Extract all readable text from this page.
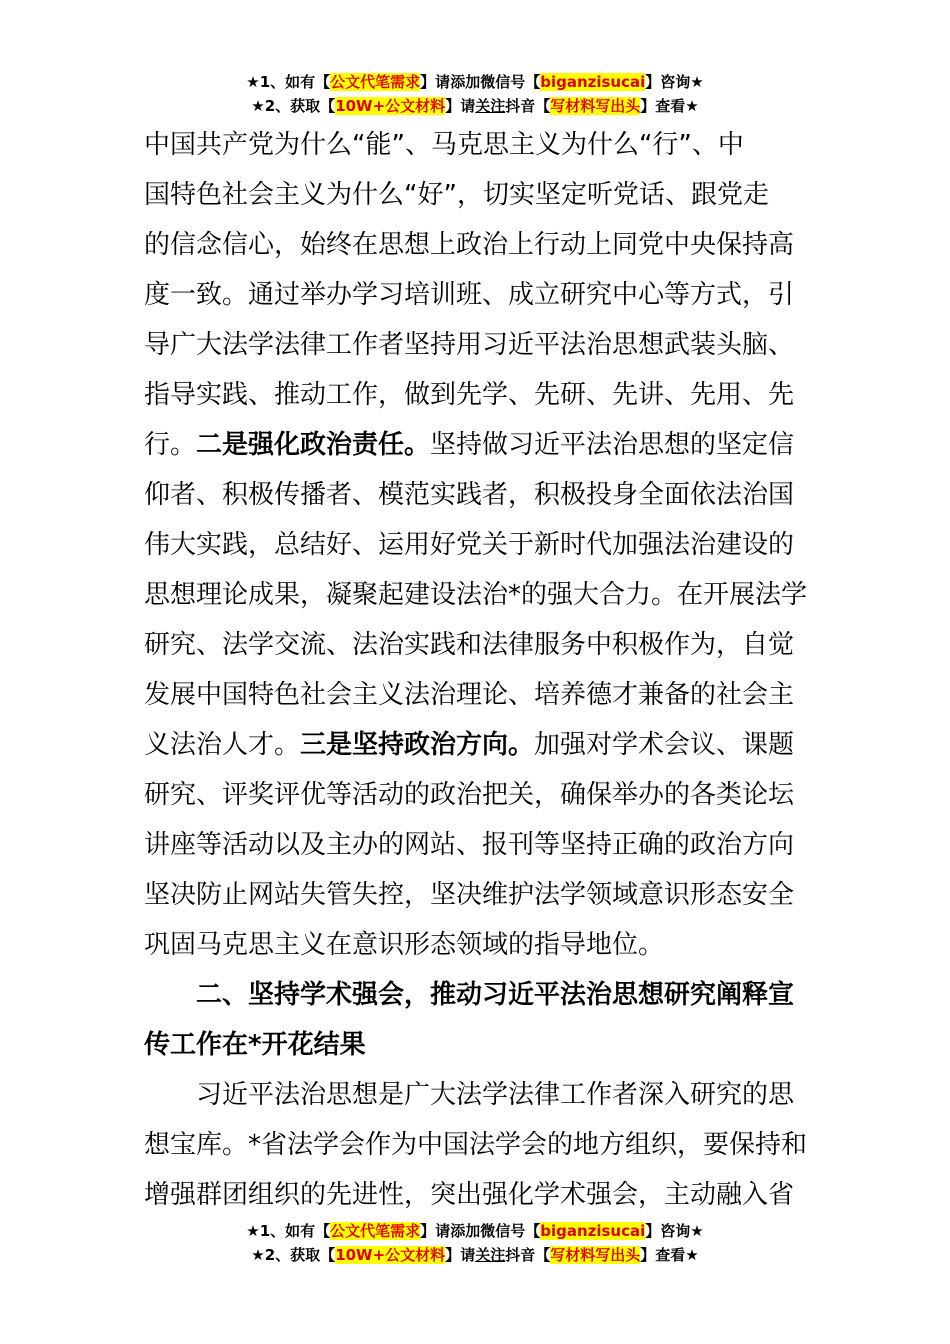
★1、如有【公文代笔需求】请添加微信号【biganzisucai】咨询★
★2、获取【10W+公文材料】请关注抖音【写材料写出头】查看★
中国共产党为什么“能”、马克思主义为什么“行”、中
国特色社会主义为什么“好”，切实坚定听党话、跟党走
的信念信心，始终在思想上政治上行动上同党中央保持高
度一致。通过举办学习培训班、成立研究中心等方式，引
导广大法学法律工作者坚持用习近平法治思想武装头脑、
指导实践、推动工作，做到先学、先研、先讲、先用、先
行。二是强化政治责任。坚持做习近平法治思想的坚定信
仰者、积极传播者、模范实践者，积极投身全面依法治国
伟大实践，总结好、运用好党关于新时代加强法治建设的
思想理论成果，凝聚起建设法治*的强大合力。在开展法学
研究、法学交流、法治实践和法律服务中积极作为，自觉
发展中国特色社会主义法治理论、培养德才兼备的社会主
义法治人才。三是坚持政治方向。加强对学术会议、课题
研究、评奖评优等活动的政治把关，确保举办的各类论坛
讲座等活动以及主办的网站、报刊等坚持正确的政治方向
坚决防止网站失管失控，坚决维护法学领域意识形态安全
巩固马克思主义在意识形态领域的指导地位。
二、坚持学术强会，推动习近平法治思想研究阐释宣
传工作在*开花结果
习近平法治思想是广大法学法律工作者深入研究的思
想宝库。*省法学会作为中国法学会的地方组织，要保持和
增强群团组织的先进性，突出强化学术强会，主动融入省
★1、如有【公文代笔需求】请添加微信号【biganzisucai】咨询★
★2、获取【10W+公文材料】请关注抖音【写材料写出头】查看★
